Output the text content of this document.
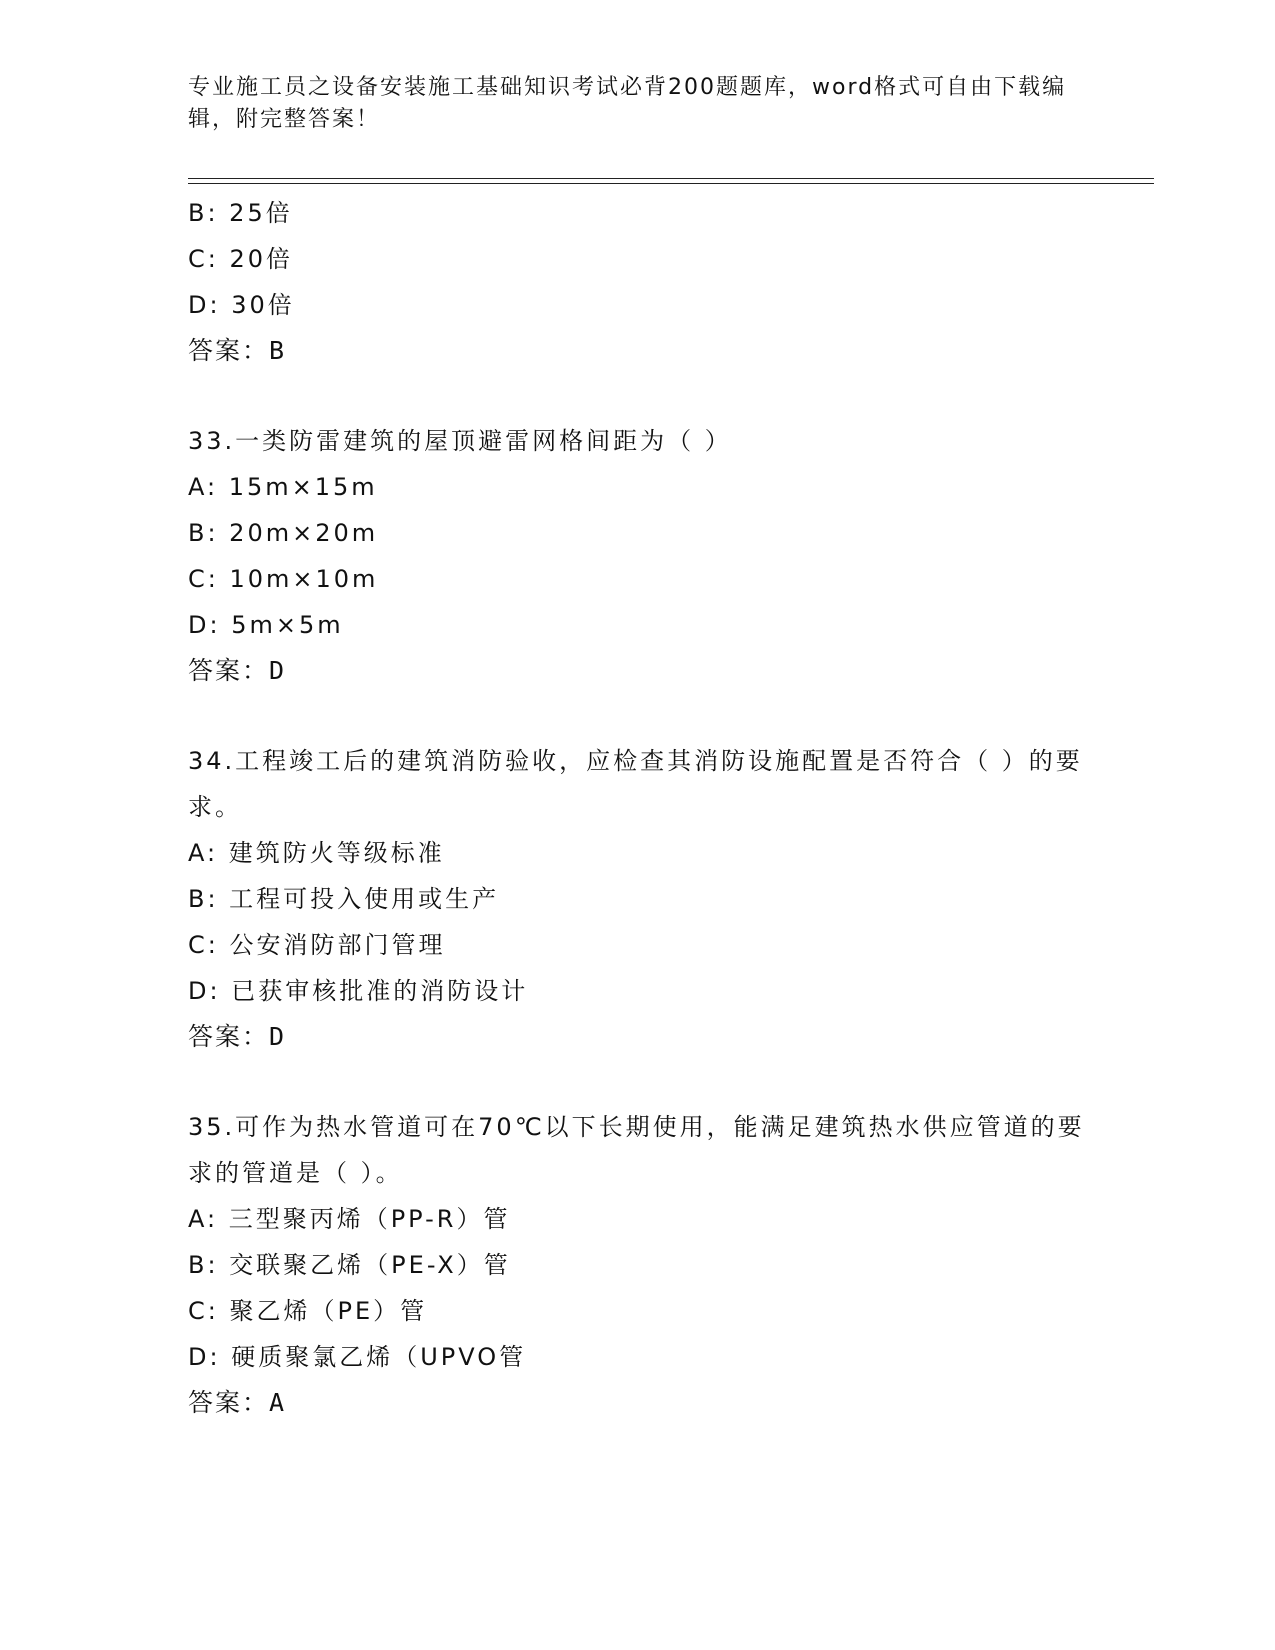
专业施工员之设备安装施工基础知识考试必背200题题库，word格式可自由下载编辑，附完整答案！
B: 25倍
C: 20倍
D: 30倍
答案：B
33.一类防雷建筑的屋顶避雷网格间距为（ ）
A: 15m×15m
B: 20m×20m
C: 10m×10m
D: 5m×5m
答案：D
34.工程竣工后的建筑消防验收，应检查其消防设施配置是否符合（ ）的要求。
A: 建筑防火等级标准
B: 工程可投入使用或生产
C: 公安消防部门管理
D: 已获审核批准的消防设计
答案：D
35.可作为热水管道可在70℃以下长期使用，能满足建筑热水供应管道的要求的管道是（ ）。
A: 三型聚丙烯（PP-R）管
B: 交联聚乙烯（PE-X）管
C: 聚乙烯（PE）管
D: 硬质聚氯乙烯（UPVO管
答案：A
